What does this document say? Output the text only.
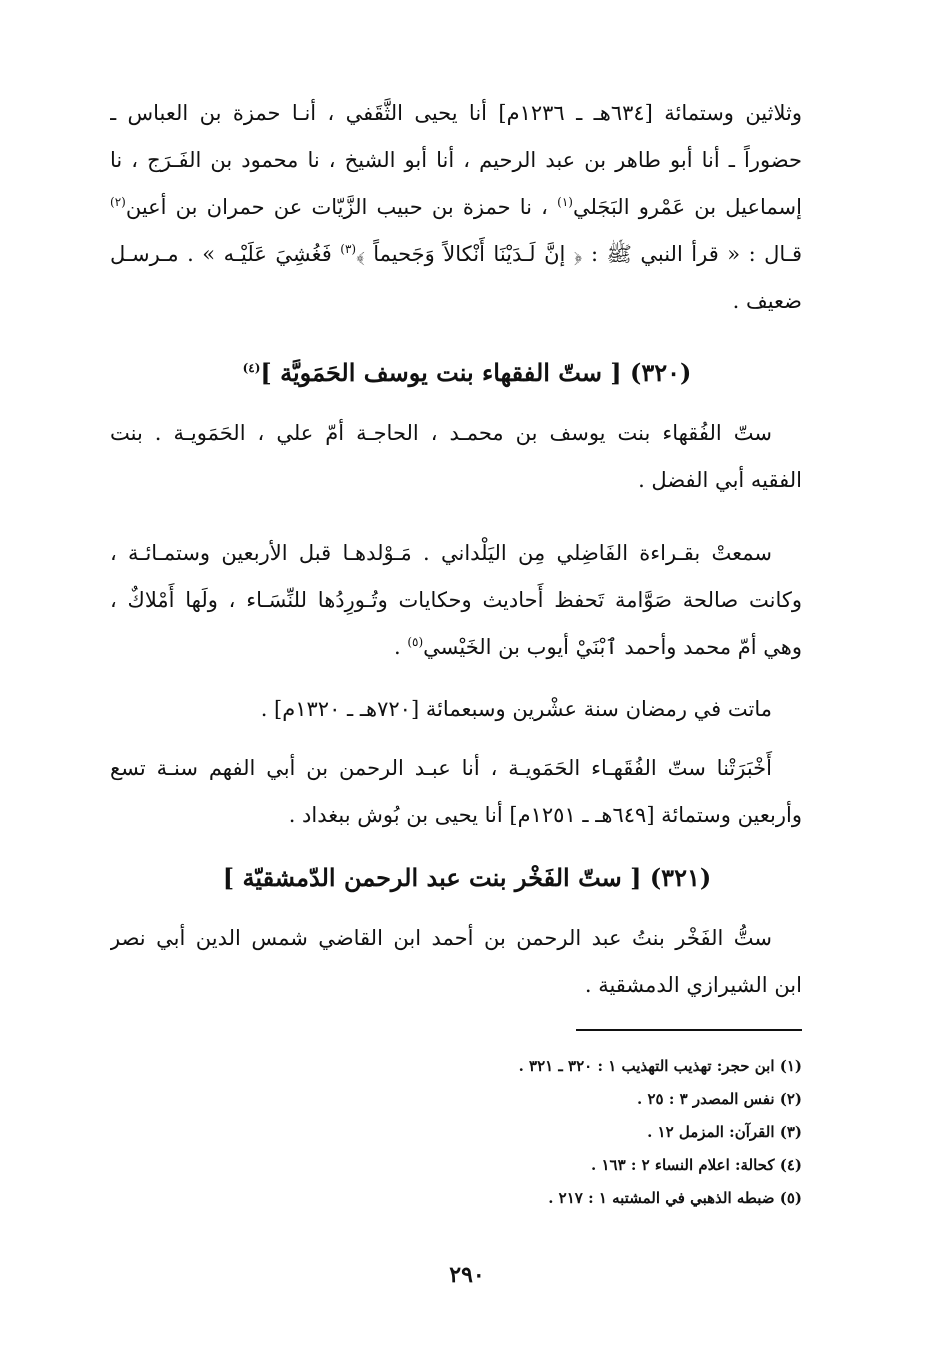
وثلاثين وستمائة [٦٣٤هـ ـ ١٢٣٦م] أنا يحيى الثَّقَفي ، أنـا حمزة بن العباس ـ
حضوراً ـ أنا أبو طاهر بن عبد الرحيم ، أنا أبو الشيخ ، نا محمود بن الفَـرَج ، نا
إسماعيل بن عَمْرو البَجَلي$^{(١)}$ ، نا حمزة بن حبيب الزَّيّات عن حمران بن أعين$^{(٢)}$
قـال : « قرأ النبي ﷺ : ﴿ إنَّ لَـدَيْنَا أَنْكالاً وَجَحيماً ﴾$^{(٣)}$ فَغُشِيَ عَلَيْـه » . مـرسـل
ضعيف .
(٣٢٠) [ ستّ الفقهاء بنت يوسف الحَمَويَّة ]$^{(٤)}$
ستّ الفُقهاء بنت يوسف بن محمـد ، الحاجـة أمّ علي ، الحَمَويـة . بنت
الفقيه أبي الفضل .
سمعتْ بقـراءة الفَاضِلي مِن اليَلْداني . مَـوْلدهـا قبل الأربعين وستمـائـة ،
وكانت صالحة صَوَّامة تَحفظ أَحاديث وحكايات وتُـورِدُها للنِّسَـاء ، ولَها أَمْلاكٌ ،
وهي أمّ محمد وأحمد ٱبْنَيْ أيوب بن الخَيْسي$^{(٥)}$ .
ماتت في رمضان سنة عشْرين وسبعمائة [٧٢٠هـ ـ ١٣٢٠م] .
أَخْبَرَتْنا ستّ الفُقَهـاء الحَمَويـة ، أنا عبـد الرحمن بن أبي الفهم سنـة تسع
وأربعين وستمائة [٦٤٩هـ ـ ١٢٥١م] أنا يحيى بن بُوش ببغداد .
(٣٢١) [ ستّ الفَخْر بنت عبد الرحمن الدّمشقيّة ]
ستُّ الفَخْر بنتُ عبد الرحمن بن أحمد ابن القاضي شمس الدين أبي نصر
ابن الشيرازي الدمشقية .
(١) ابن حجر: تهذيب التهذيب ١ : ٣٢٠ ـ ٣٢١ .
(٢) نفس المصدر ٣ : ٢٥ .
(٣) القرآن: المزمل ١٢ .
(٤) كحالة: اعلام النساء ٢ : ١٦٣ .
(٥) ضبطه الذهبي في المشتبه ١ : ٢١٧ .
٢٩٠
